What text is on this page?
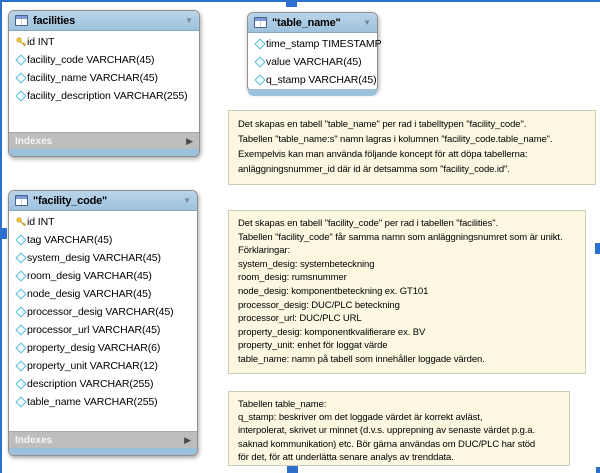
facilities	▼
id INT
facility_code VARCHAR(45)
facility_name VARCHAR(45)
facility_description VARCHAR(255)
Indexes	▶
"table_name"	▼
time_stamp TIMESTAMP
value VARCHAR(45)
q_stamp VARCHAR(45)
"facility_code"	▼
id INT
tag VARCHAR(45)
system_desig VARCHAR(45)
room_desig VARCHAR(45)
node_desig VARCHAR(45)
processor_desig VARCHAR(45)
processor_url VARCHAR(45)
property_desig VARCHAR(6)
property_unit VARCHAR(12)
description VARCHAR(255)
table_name VARCHAR(255)
Indexes	▶
Det skapas en tabell "table_name" per rad i tabelltypen "facility_code".
Tabellen "table_name:s" namn lagras i kolumnen "facility_code.table_name".
Exempelvis kan man använda följande koncept för att döpa tabellerna:
anläggningsnummer_id där id är detsamma som "facility_code.id".
Det skapas en tabell "facility_code" per rad i tabellen "facilities".
Tabellen "facility_code" får samma namn som anläggningsnumret som är unikt.
Förklaringar:
system_desig: systembeteckning
room_desig: rumsnummer
node_desig: komponentbeteckning ex. GT101
processor_desig: DUC/PLC beteckning
processor_url: DUC/PLC URL
property_desig: komponentkvalifierare ex. BV
property_unit: enhet för loggat värde
table_name: namn på tabell som innehåller loggade värden.
Tabellen table_name:
q_stamp: beskriver om det loggade värdet är korrekt avläst,
interpolerat, skrivet ur minnet (d.v.s. upprepning av senaste värdet p.g.a.
saknad kommunikation) etc. Bör gärna användas om DUC/PLC har stöd
för det, för att underlätta senare analys av trenddata.
